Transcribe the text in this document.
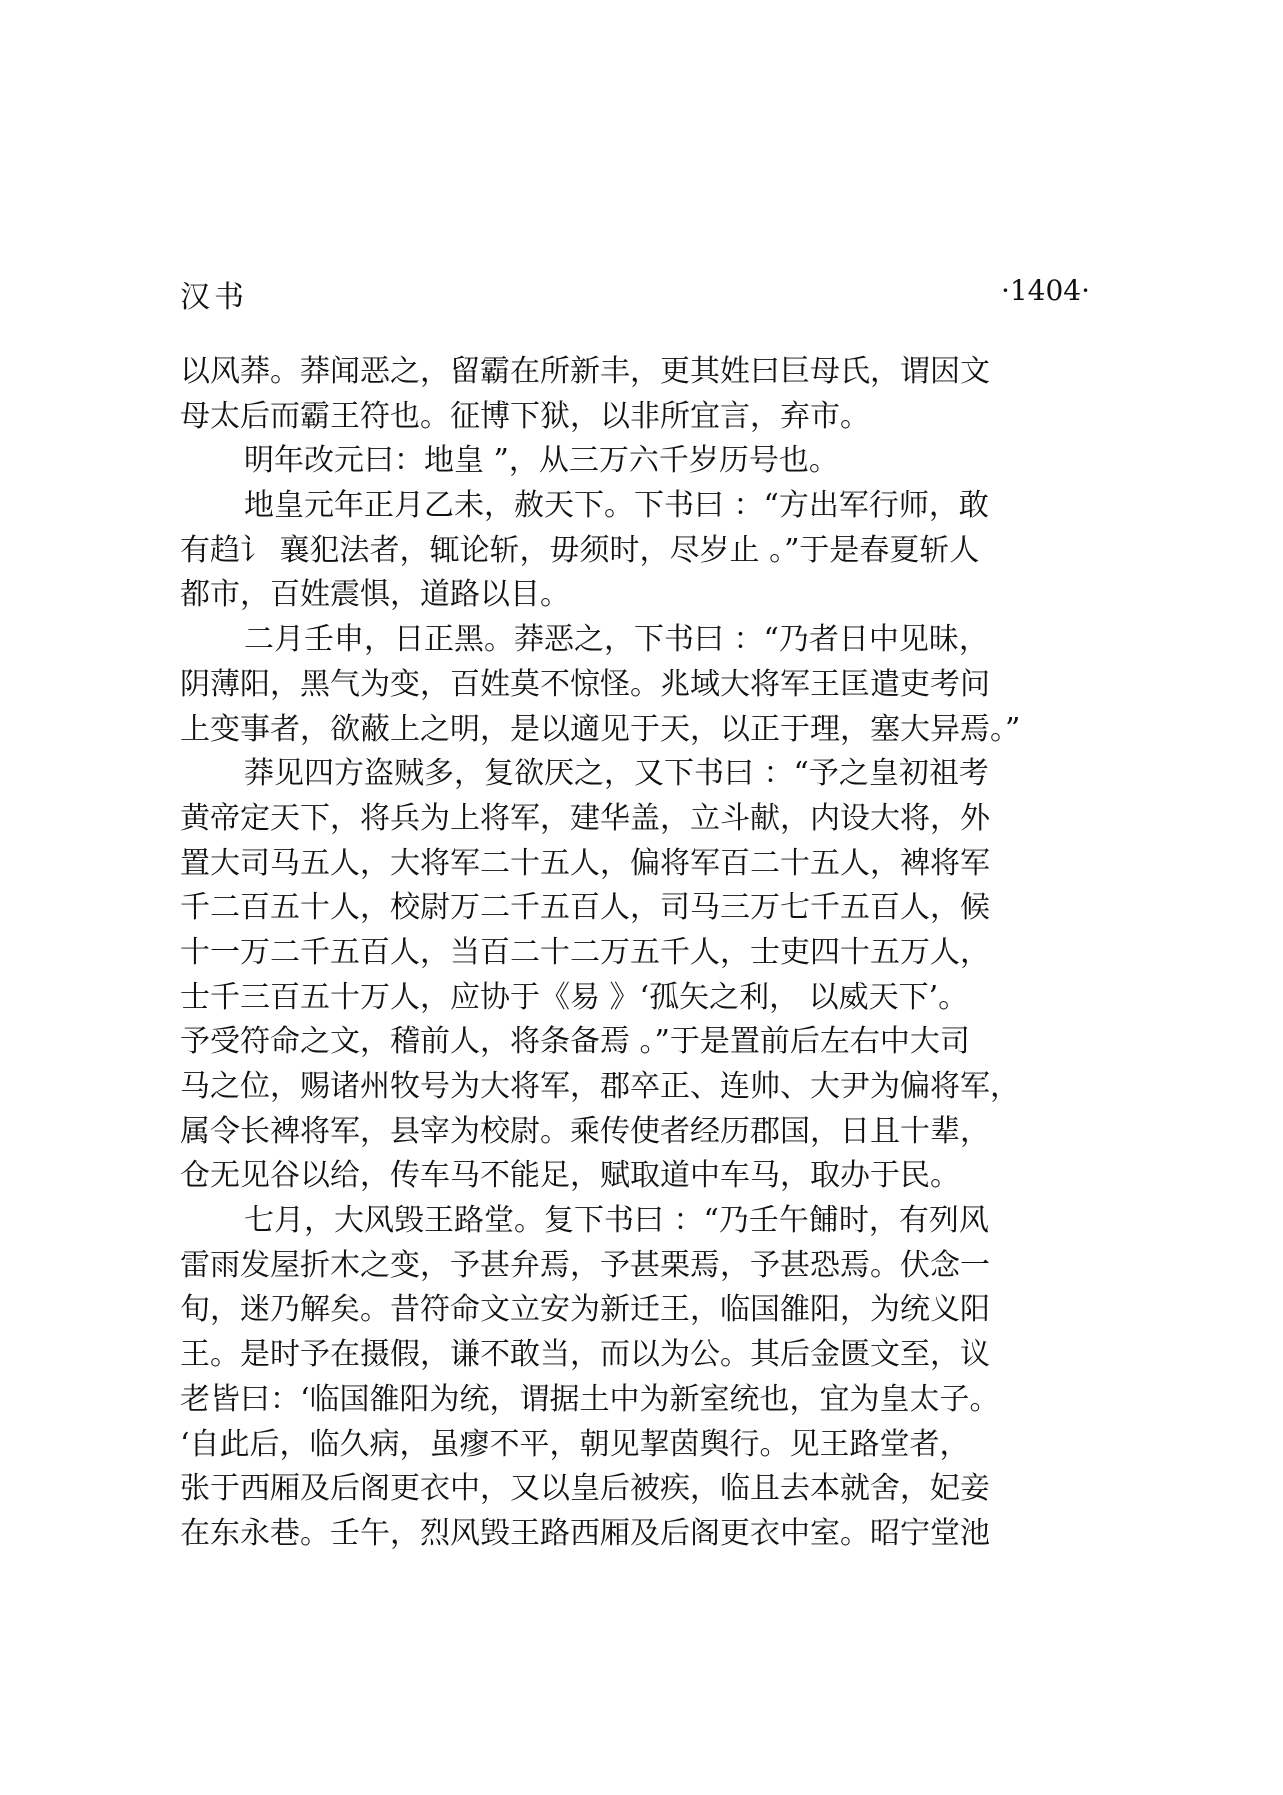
汉书	·1404·
以风莽。莽闻恶之，留霸在所新丰，更其姓曰巨母氏，谓因文
母太后而霸王符也。征博下狱，以非所宜言，弃市。
明年改元曰：地皇 ”，从三万六千岁历号也。
地皇元年正月乙未，赦天下。下书曰 ：“方出军行师，敢
有趋讠 襄犯法者，辄论斩，毋须时，尽岁止 。”于是春夏斩人
都市，百姓震惧，道路以目。
二月壬申，日正黑。莽恶之，下书曰 ：“乃者日中见昧，
阴薄阳，黑气为变，百姓莫不惊怪。兆域大将军王匡遣吏考问
上变事者，欲蔽上之明，是以適见于天，以正于理，塞大异焉。”
莽见四方盗贼多，复欲厌之，又下书曰 ：“予之皇初祖考
黄帝定天下，将兵为上将军，建华盖，立斗献，内设大将，外
置大司马五人，大将军二十五人，偏将军百二十五人，裨将军
千二百五十人，校尉万二千五百人，司马三万七千五百人，候
十一万二千五百人，当百二十二万五千人，士吏四十五万人，
士千三百五十万人，应协于《易 》‘孤矢之利， 以威天下’。
予受符命之文，稽前人，将条备焉 。”于是置前后左右中大司
马之位，赐诸州牧号为大将军，郡卒正、连帅、大尹为偏将军，
属令长裨将军，县宰为校尉。乘传使者经历郡国，日且十辈，
仓无见谷以给，传车马不能足，赋取道中车马，取办于民。
七月，大风毁王路堂。复下书曰 ：“乃壬午餔时，有列风
雷雨发屋折木之变，予甚弁焉，予甚栗焉，予甚恐焉。伏念一
旬，迷乃解矣。昔符命文立安为新迁王，临国雒阳，为统义阳
王。是时予在摄假，谦不敢当，而以为公。其后金匮文至，议
老皆曰：‘临国雒阳为统，谓据土中为新室统也，宜为皇太子。
‘自此后，临久病，虽瘳不平，朝见挈茵舆行。见王路堂者，
张于西厢及后阁更衣中，又以皇后被疾，临且去本就舍，妃妾
在东永巷。壬午，烈风毁王路西厢及后阁更衣中室。昭宁堂池
